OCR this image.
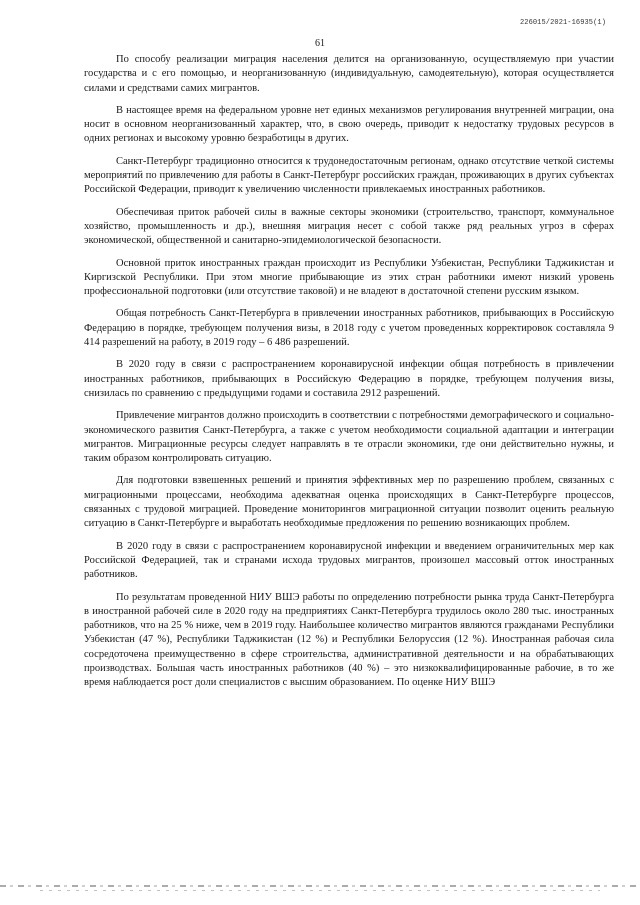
226015/2021-16935(1)
61

По способу реализации миграция населения делится на организованную, осуществляемую при участии государства и с его помощью, и неорганизованную (индивидуальную, самодеятельную), которая осуществляется силами и средствами самих мигрантов.

В настоящее время на федеральном уровне нет единых механизмов регулирования внутренней миграции, она носит в основном неорганизованный характер, что, в свою очередь, приводит к недостатку трудовых ресурсов в одних регионах и высокому уровню безработицы в других.

Санкт-Петербург традиционно относится к трудонедостаточным регионам, однако отсутствие четкой системы мероприятий по привлечению для работы в Санкт-Петербург российских граждан, проживающих в других субъектах Российской Федерации, приводит к увеличению численности привлекаемых иностранных работников.

Обеспечивая приток рабочей силы в важные секторы экономики (строительство, транспорт, коммунальное хозяйство, промышленность и др.), внешняя миграция несет с собой также ряд реальных угроз в сферах экономической, общественной и санитарно-эпидемиологической безопасности.

Основной приток иностранных граждан происходит из Республики Узбекистан, Республики Таджикистан и Киргизской Республики. При этом многие прибывающие из этих стран работники имеют низкий уровень профессиональной подготовки (или отсутствие таковой) и не владеют в достаточной степени русским языком.

Общая потребность Санкт-Петербурга в привлечении иностранных работников, прибывающих в Российскую Федерацию в порядке, требующем получения визы, в 2018 году с учетом проведенных корректировок составляла 9 414 разрешений на работу, в 2019 году – 6 486 разрешений.

В 2020 году в связи с распространением коронавирусной инфекции общая потребность в привлечении иностранных работников, прибывающих в Российскую Федерацию в порядке, требующем получения визы, снизилась по сравнению с предыдущими годами и составила 2912 разрешений.

Привлечение мигрантов должно происходить в соответствии с потребностями демографического и социально-экономического развития Санкт-Петербурга, а также с учетом необходимости социальной адаптации и интеграции мигрантов. Миграционные ресурсы следует направлять в те отрасли экономики, где они действительно нужны, и таким образом контролировать ситуацию.

Для подготовки взвешенных решений и принятия эффективных мер по разрешению проблем, связанных с миграционными процессами, необходима адекватная оценка происходящих в Санкт-Петербурге процессов, связанных с трудовой миграцией. Проведение мониторингов миграционной ситуации позволит оценить реальную ситуацию в Санкт-Петербурге и выработать необходимые предложения по решению возникающих проблем.

В 2020 году в связи с распространением коронавирусной инфекции и введением ограничительных мер как Российской Федерацией, так и странами исхода трудовых мигрантов, произошел массовый отток иностранных работников.

По результатам проведенной НИУ ВШЭ работы по определению потребности рынка труда Санкт-Петербурга в иностранной рабочей силе в 2020 году на предприятиях Санкт-Петербурга трудилось около 280 тыс. иностранных работников, что на 25 % ниже, чем в 2019 году. Наибольшее количество мигрантов являются гражданами Республики Узбекистан (47 %), Республики Таджикистан (12 %) и Республики Белоруссия (12 %). Иностранная рабочая сила сосредоточена преимущественно в сфере строительства, административной деятельности и на обрабатывающих производствах. Большая часть иностранных работников (40 %) – это низкоквалифицированные рабочие, в то же время наблюдается рост доли специалистов с высшим образованием. По оценке НИУ ВШЭ
